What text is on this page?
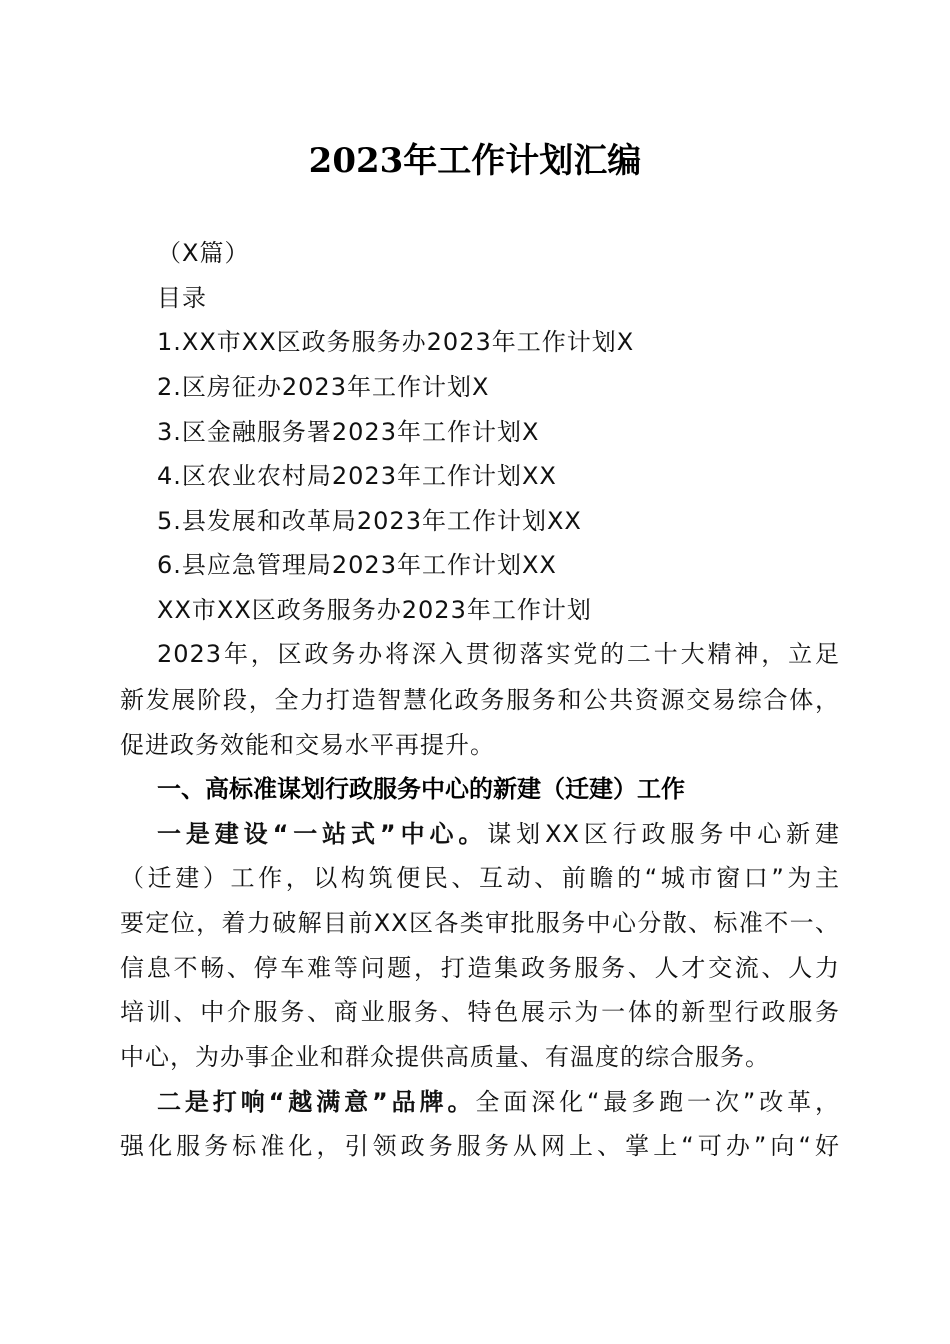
2023年工作计划汇编
（X篇）
目录
1.XX市XX区政务服务办2023年工作计划X
2.区房征办2023年工作计划X
3.区金融服务署2023年工作计划X
4.区农业农村局2023年工作计划XX
5.县发展和改革局2023年工作计划XX
6.县应急管理局2023年工作计划XX
XX市XX区政务服务办2023年工作计划
2023年，区政务办将深入贯彻落实党的二十大精神，立足
新发展阶段，全力打造智慧化政务服务和公共资源交易综合体，
促进政务效能和交易水平再提升。
一、高标准谋划行政服务中心的新建（迁建）工作
一是建设“一站式”中心。谋划XX区行政服务中心新建
（迁建）工作，以构筑便民、互动、前瞻的“城市窗口”为主
要定位，着力破解目前XX区各类审批服务中心分散、标准不一、
信息不畅、停车难等问题，打造集政务服务、人才交流、人力
培训、中介服务、商业服务、特色展示为一体的新型行政服务
中心，为办事企业和群众提供高质量、有温度的综合服务。
二是打响“越满意”品牌。全面深化“最多跑一次”改革，
强化服务标准化，引领政务服务从网上、掌上“可办”向“好
